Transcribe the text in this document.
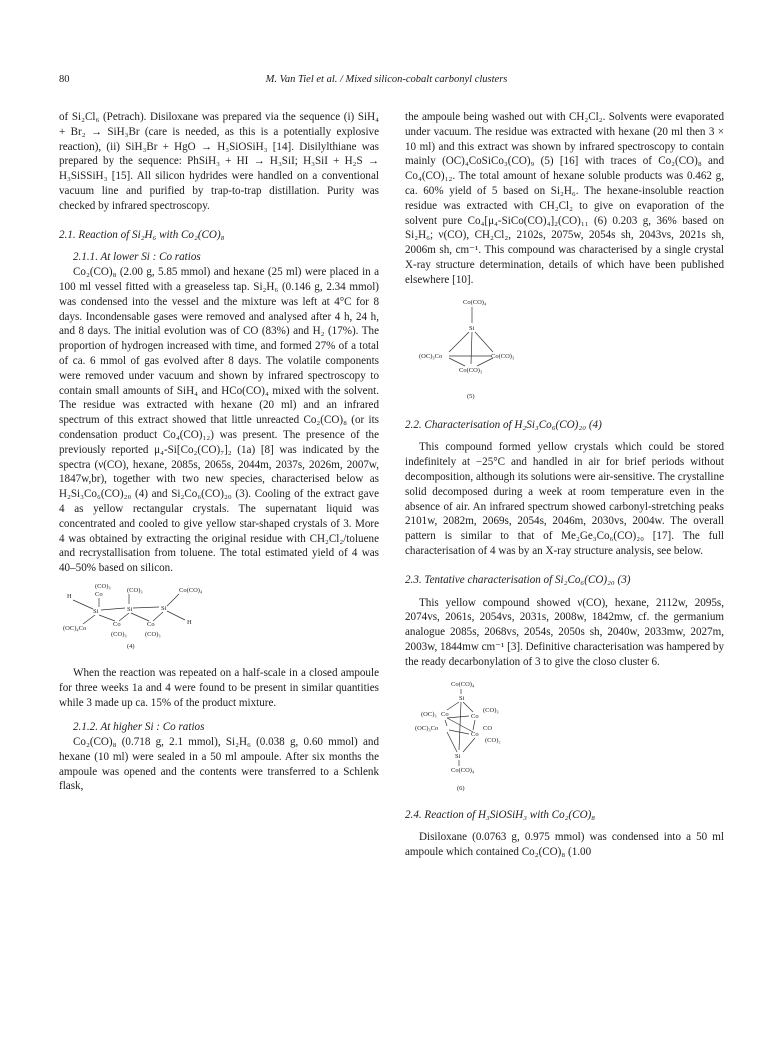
80	M. Van Tiel et al. / Mixed silicon-cobalt carbonyl clusters

of Si₂Cl₆ (Petrach). Disiloxane was prepared via the sequence (i) SiH₄ + Br₂ → SiH₃Br (care is needed, as this is a potentially explosive reaction), (ii) SiH₃Br + HgO → H₃SiOSiH₃ [14]. Disilylthiane was prepared by the sequence: PhSiH₃ + HI → H₃SiI; H₃SiI + H₂S → H₃SiSSiH₃ [15]. All silicon hydrides were handled on a conventional vacuum line and purified by trap-to-trap distillation. Purity was checked by infrared spectroscopy.

2.1. Reaction of Si₂H₆ with Co₂(CO)₈
2.1.1. At lower Si : Co ratios

Co₂(CO)₈ (2.00 g, 5.85 mmol) and hexane (25 ml) were placed in a 100 ml vessel fitted with a greaseless tap. Si₂H₆ (0.146 g, 2.34 mmol) was condensed into the vessel and the mixture was left at 4°C for 8 days. Incondensable gases were removed and analysed after 4 h, 24 h, and 8 days. The initial evolution was of CO (83%) and H₂ (17%). The proportion of hydrogen increased with time, and formed 27% of a total of ca. 6 mmol of gas evolved after 8 days. The volatile components were removed under vacuum and shown by infrared spectroscopy to contain small amounts of SiH₄ and HCo(CO)₄ mixed with the solvent. The residue was extracted with hexane (20 ml) and an infrared spectrum of this extract showed that little unreacted Co₂(CO)₈ (or its condensation product Co₄(CO)₁₂) was present. The presence of the previously reported μ₄-Si[Co₂(CO)₇]₂ (1a) [8] was indicated by the spectra (ν(CO), hexane, 2085s, 2065s, 2044m, 2037s, 2026m, 2007w, 1847w,br), together with two new species, characterised below as H₂Si₃Co₆(CO)₂₀ (4) and Si₂Co₆(CO)₂₀ (3). Cooling of the extract gave 4 as yellow rectangular crystals. The supernatant liquid was concentrated and cooled to give yellow star-shaped crystals of 3. More 4 was obtained by extracting the original residue with CH₂Cl₂/toluene and recrystallisation from toluene. The total estimated yield of 4 was 40–50% based on silicon.

H
(CO)₃
Co
(CO)₃	Co(CO)₄
Si	Si	Si
H
(OC)₄Co
Co	Co
(CO)₃	(CO)₃
(4)

When the reaction was repeated on a half-scale in a closed ampoule for three weeks 1a and 4 were found to be present in similar quantities while 3 made up ca. 15% of the product mixture.

2.1.2. At higher Si : Co ratios

Co₂(CO)₈ (0.718 g, 2.1 mmol), Si₂H₆ (0.038 g, 0.60 mmol) and hexane (10 ml) were sealed in a 50 ml ampoule. After six months the ampoule was opened and the contents were transferred to a Schlenk flask,

the ampoule being washed out with CH₂Cl₂. Solvents were evaporated under vacuum. The residue was extracted with hexane (20 ml then 3 × 10 ml) and this extract was shown by infrared spectroscopy to contain mainly (OC)₄CoSiCo₃(CO)₉ (5) [16] with traces of Co₂(CO)₈ and Co₄(CO)₁₂. The total amount of hexane soluble products was 0.462 g, ca. 60% yield of 5 based on Si₂H₆. The hexane-insoluble reaction residue was extracted with CH₂Cl₂ to give on evaporation of the solvent pure Co₄[μ₄-SiCo(CO)₄]₂(CO)₁₁ (6) 0.203 g, 36% based on Si₂H₆; ν(CO), CH₂Cl₂, 2102s, 2075w, 2054s sh, 2043vs, 2021s sh, 2006m sh, cm⁻¹. This compound was characterised by a single crystal X-ray structure determination, details of which have been published elsewhere [10].

Co(CO)₄
Si
(OC)₃Co	Co(CO)₃
Co(CO)₃
(5)
2.2. Characterisation of H₂Si₃Co₆(CO)₂₀ (4)

This compound formed yellow crystals which could be stored indefinitely at −25°C and handled in air for brief periods without decomposition, although its solutions were air-sensitive. The crystalline solid decomposed during a week at room temperature even in the absence of air. An infrared spectrum showed carbonyl-stretching peaks 2101w, 2082m, 2069s, 2054s, 2046m, 2030vs, 2004w. The overall pattern is similar to that of Me₂Ge₃Co₆(CO)₂₀ [17]. The full characterisation of 4 was by an X-ray structure analysis, see below.

2.3. Tentative characterisation of Si₂Co₆(CO)₂₀ (3)

This yellow compound showed ν(CO), hexane, 2112w, 2095s, 2074vs, 2061s, 2054vs, 2031s, 2008w, 1842mw, cf. the germanium analogue 2085s, 2068vs, 2054s, 2050s sh, 2040w, 2033mw, 2027m, 2003w, 1844mw cm⁻¹ [3]. Definitive characterisation was hampered by the ready decarbonylation of 3 to give the closo cluster 6.

Co(CO)₄
Si
(OC)₃ Co
(CO)₃
Co
(OC)₃Co	CO
Co
(CO)₂
Si
Co(CO)₄
(6)
2.4. Reaction of H₃SiOSiH₃ with Co₂(CO)₈

Disiloxane (0.0763 g, 0.975 mmol) was condensed into a 50 ml ampoule which contained Co₂(CO)₈ (1.00
